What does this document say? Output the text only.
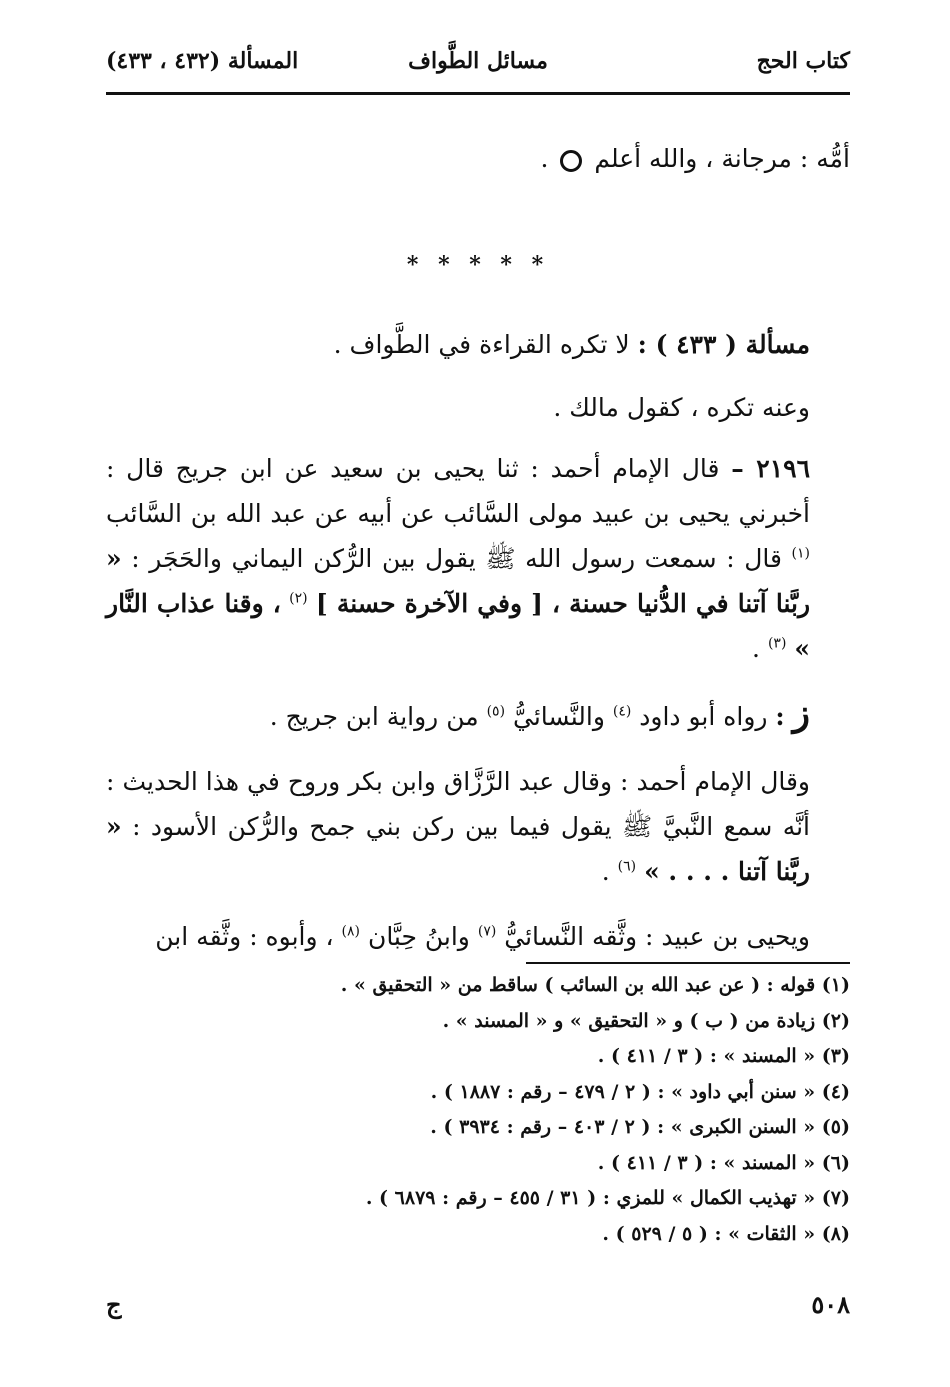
كتاب الحج
مسائل الطَّواف
المسألة (٤٣٢ ، ٤٣٣)

أمُّه : مرجانة ، والله أعلم  .

* * * * *

مسألة ( ٤٣٣ ) : لا تكره القراءة في الطَّواف .

وعنه تكره ، كقول مالك .

٢١٩٦ – قال الإمام أحمد : ثنا يحيى بن سعيد عن ابن جريج قال : أخبرني يحيى بن عبيد مولى السَّائب عن أبيه عن عبد الله بن السَّائب $^{(١)}$ قال : سمعت رسول الله ﷺ يقول بين الرُّكن اليماني والحَجَر : « ربَّنا آتنا في الدُّنيا حسنة ، [ وفي الآخرة حسنة ] $^{(٢)}$ ، وقنا عذاب النَّار » $^{(٣)}$ .

ز : رواه أبو داود $^{(٤)}$ والنَّسائيُّ $^{(٥)}$ من رواية ابن جريج .

وقال الإمام أحمد : وقال عبد الرَّزَّاق وابن بكر وروح في هذا الحديث : أنَّه سمع النَّبيَّ ﷺ يقول فيما بين ركن بني جمح والرُّكن الأسود : « ربَّنا آتنا . . . . » $^{(٦)}$ .

ويحيى بن عبيد : وثَّقه النَّسائيُّ $^{(٧)}$ وابنُ حِبَّان $^{(٨)}$ ، وأبوه : وثَّقه ابن

(١) قوله : ( عن عبد الله بن السائب ) ساقط من « التحقيق » .

(٢) زيادة من ( ب ) و « التحقيق » و « المسند » .

(٣) « المسند » : ( ٣ / ٤١١ ) .

(٤) « سنن أبي داود » : ( ٢ / ٤٧٩ – رقم : ١٨٨٧ ) .

(٥) « السنن الكبرى » : ( ٢ / ٤٠٣ – رقم : ٣٩٣٤ ) .

(٦) « المسند » : ( ٣ / ٤١١ ) .

(٧) « تهذيب الكمال » للمزي : ( ٣١ / ٤٥٥ – رقم : ٦٨٧٩ ) .

(٨) « الثقات » : ( ٥ / ٥٢٩ ) .

٥٠٨
ج
